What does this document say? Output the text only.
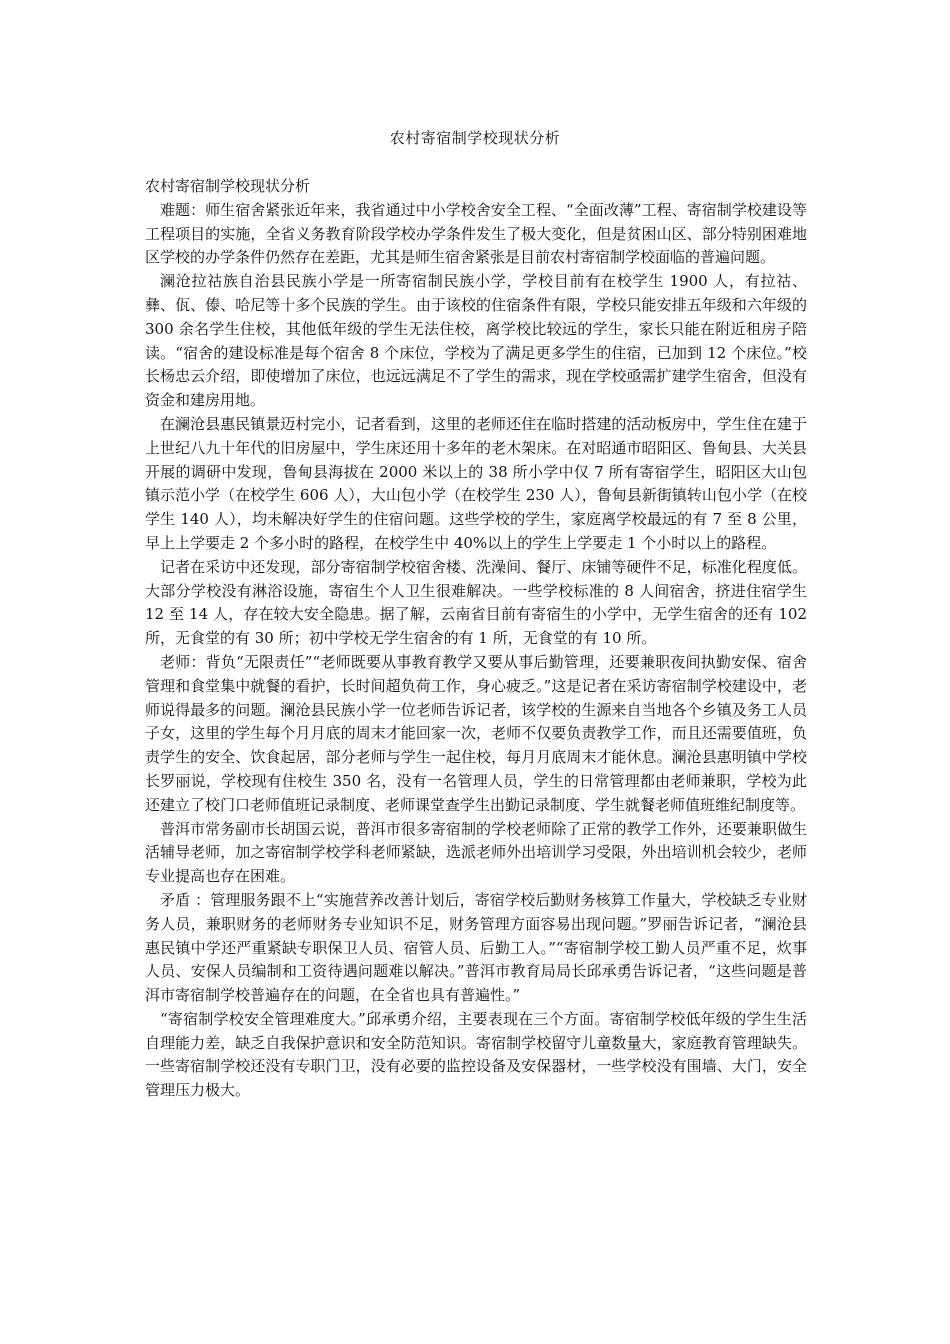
农村寄宿制学校现状分析

农村寄宿制学校现状分析

难题：师生宿舍紧张近年来，我省通过中小学校舍安全工程、“全面改薄”工程、寄宿制学校建设等工程项目的实施，全省义务教育阶段学校办学条件发生了极大变化，但是贫困山区、部分特别困难地区学校的办学条件仍然存在差距，尤其是师生宿舍紧张是目前农村寄宿制学校面临的普遍问题。

澜沧拉祜族自治县民族小学是一所寄宿制民族小学，学校目前有在校学生 1900 人，有拉祜、彝、佤、傣、哈尼等十多个民族的学生。由于该校的住宿条件有限，学校只能安排五年级和六年级的 300 余名学生住校，其他低年级的学生无法住校，离学校比较远的学生，家长只能在附近租房子陪读。“宿舍的建设标准是每个宿舍 8 个床位，学校为了满足更多学生的住宿，已加到 12 个床位。”校长杨忠云介绍，即使增加了床位，也远远满足不了学生的需求，现在学校亟需扩建学生宿舍，但没有资金和建房用地。

在澜沧县惠民镇景迈村完小，记者看到，这里的老师还住在临时搭建的活动板房中，学生住在建于上世纪八九十年代的旧房屋中，学生床还用十多年的老木架床。在对昭通市昭阳区、鲁甸县、大关县开展的调研中发现，鲁甸县海拔在 2000 米以上的 38 所小学中仅 7 所有寄宿学生，昭阳区大山包镇示范小学（在校学生 606 人），大山包小学（在校学生 230 人），鲁甸县新街镇转山包小学（在校学生 140 人），均未解决好学生的住宿问题。这些学校的学生，家庭离学校最远的有 7 至 8 公里，早上上学要走 2 个多小时的路程，在校学生中 40%以上的学生上学要走 1 个小时以上的路程。

记者在采访中还发现，部分寄宿制学校宿舍楼、洗澡间、餐厅、床铺等硬件不足，标准化程度低。大部分学校没有淋浴设施，寄宿生个人卫生很难解决。一些学校标准的 8 人间宿舍，挤进住宿学生 12 至 14 人，存在较大安全隐患。据了解，云南省目前有寄宿生的小学中，无学生宿舍的还有 102 所，无食堂的有 30 所；初中学校无学生宿舍的有 1 所，无食堂的有 10 所。

老师：背负“无限责任”“老师既要从事教育教学又要从事后勤管理，还要兼职夜间执勤安保、宿舍管理和食堂集中就餐的看护，长时间超负荷工作，身心疲乏。”这是记者在采访寄宿制学校建设中，老师说得最多的问题。澜沧县民族小学一位老师告诉记者，该学校的生源来自当地各个乡镇及务工人员子女，这里的学生每个月月底的周末才能回家一次，老师不仅要负责教学工作，而且还需要值班，负责学生的安全、饮食起居，部分老师与学生一起住校，每月月底周末才能休息。澜沧县惠明镇中学校长罗丽说，学校现有住校生 350 名，没有一名管理人员，学生的日常管理都由老师兼职，学校为此还建立了校门口老师值班记录制度、老师课堂查学生出勤记录制度、学生就餐老师值班维纪制度等。

普洱市常务副市长胡国云说，普洱市很多寄宿制的学校老师除了正常的教学工作外，还要兼职做生活辅导老师，加之寄宿制学校学科老师紧缺，选派老师外出培训学习受限，外出培训机会较少，老师专业提高也存在困难。

矛盾 ：管理服务跟不上“实施营养改善计划后，寄宿学校后勤财务核算工作量大，学校缺乏专业财务人员，兼职财务的老师财务专业知识不足，财务管理方面容易出现问题。”罗丽告诉记者，“澜沧县惠民镇中学还严重紧缺专职保卫人员、宿管人员、后勤工人。”“寄宿制学校工勤人员严重不足，炊事人员、安保人员编制和工资待遇问题难以解决。”普洱市教育局局长邱承勇告诉记者，“这些问题是普洱市寄宿制学校普遍存在的问题，在全省也具有普遍性。”

“寄宿制学校安全管理难度大。”邱承勇介绍，主要表现在三个方面。寄宿制学校低年级的学生生活自理能力差，缺乏自我保护意识和安全防范知识。寄宿制学校留守儿童数量大，家庭教育管理缺失。一些寄宿制学校还没有专职门卫，没有必要的监控设备及安保器材，一些学校没有围墙、大门，安全管理压力极大。
